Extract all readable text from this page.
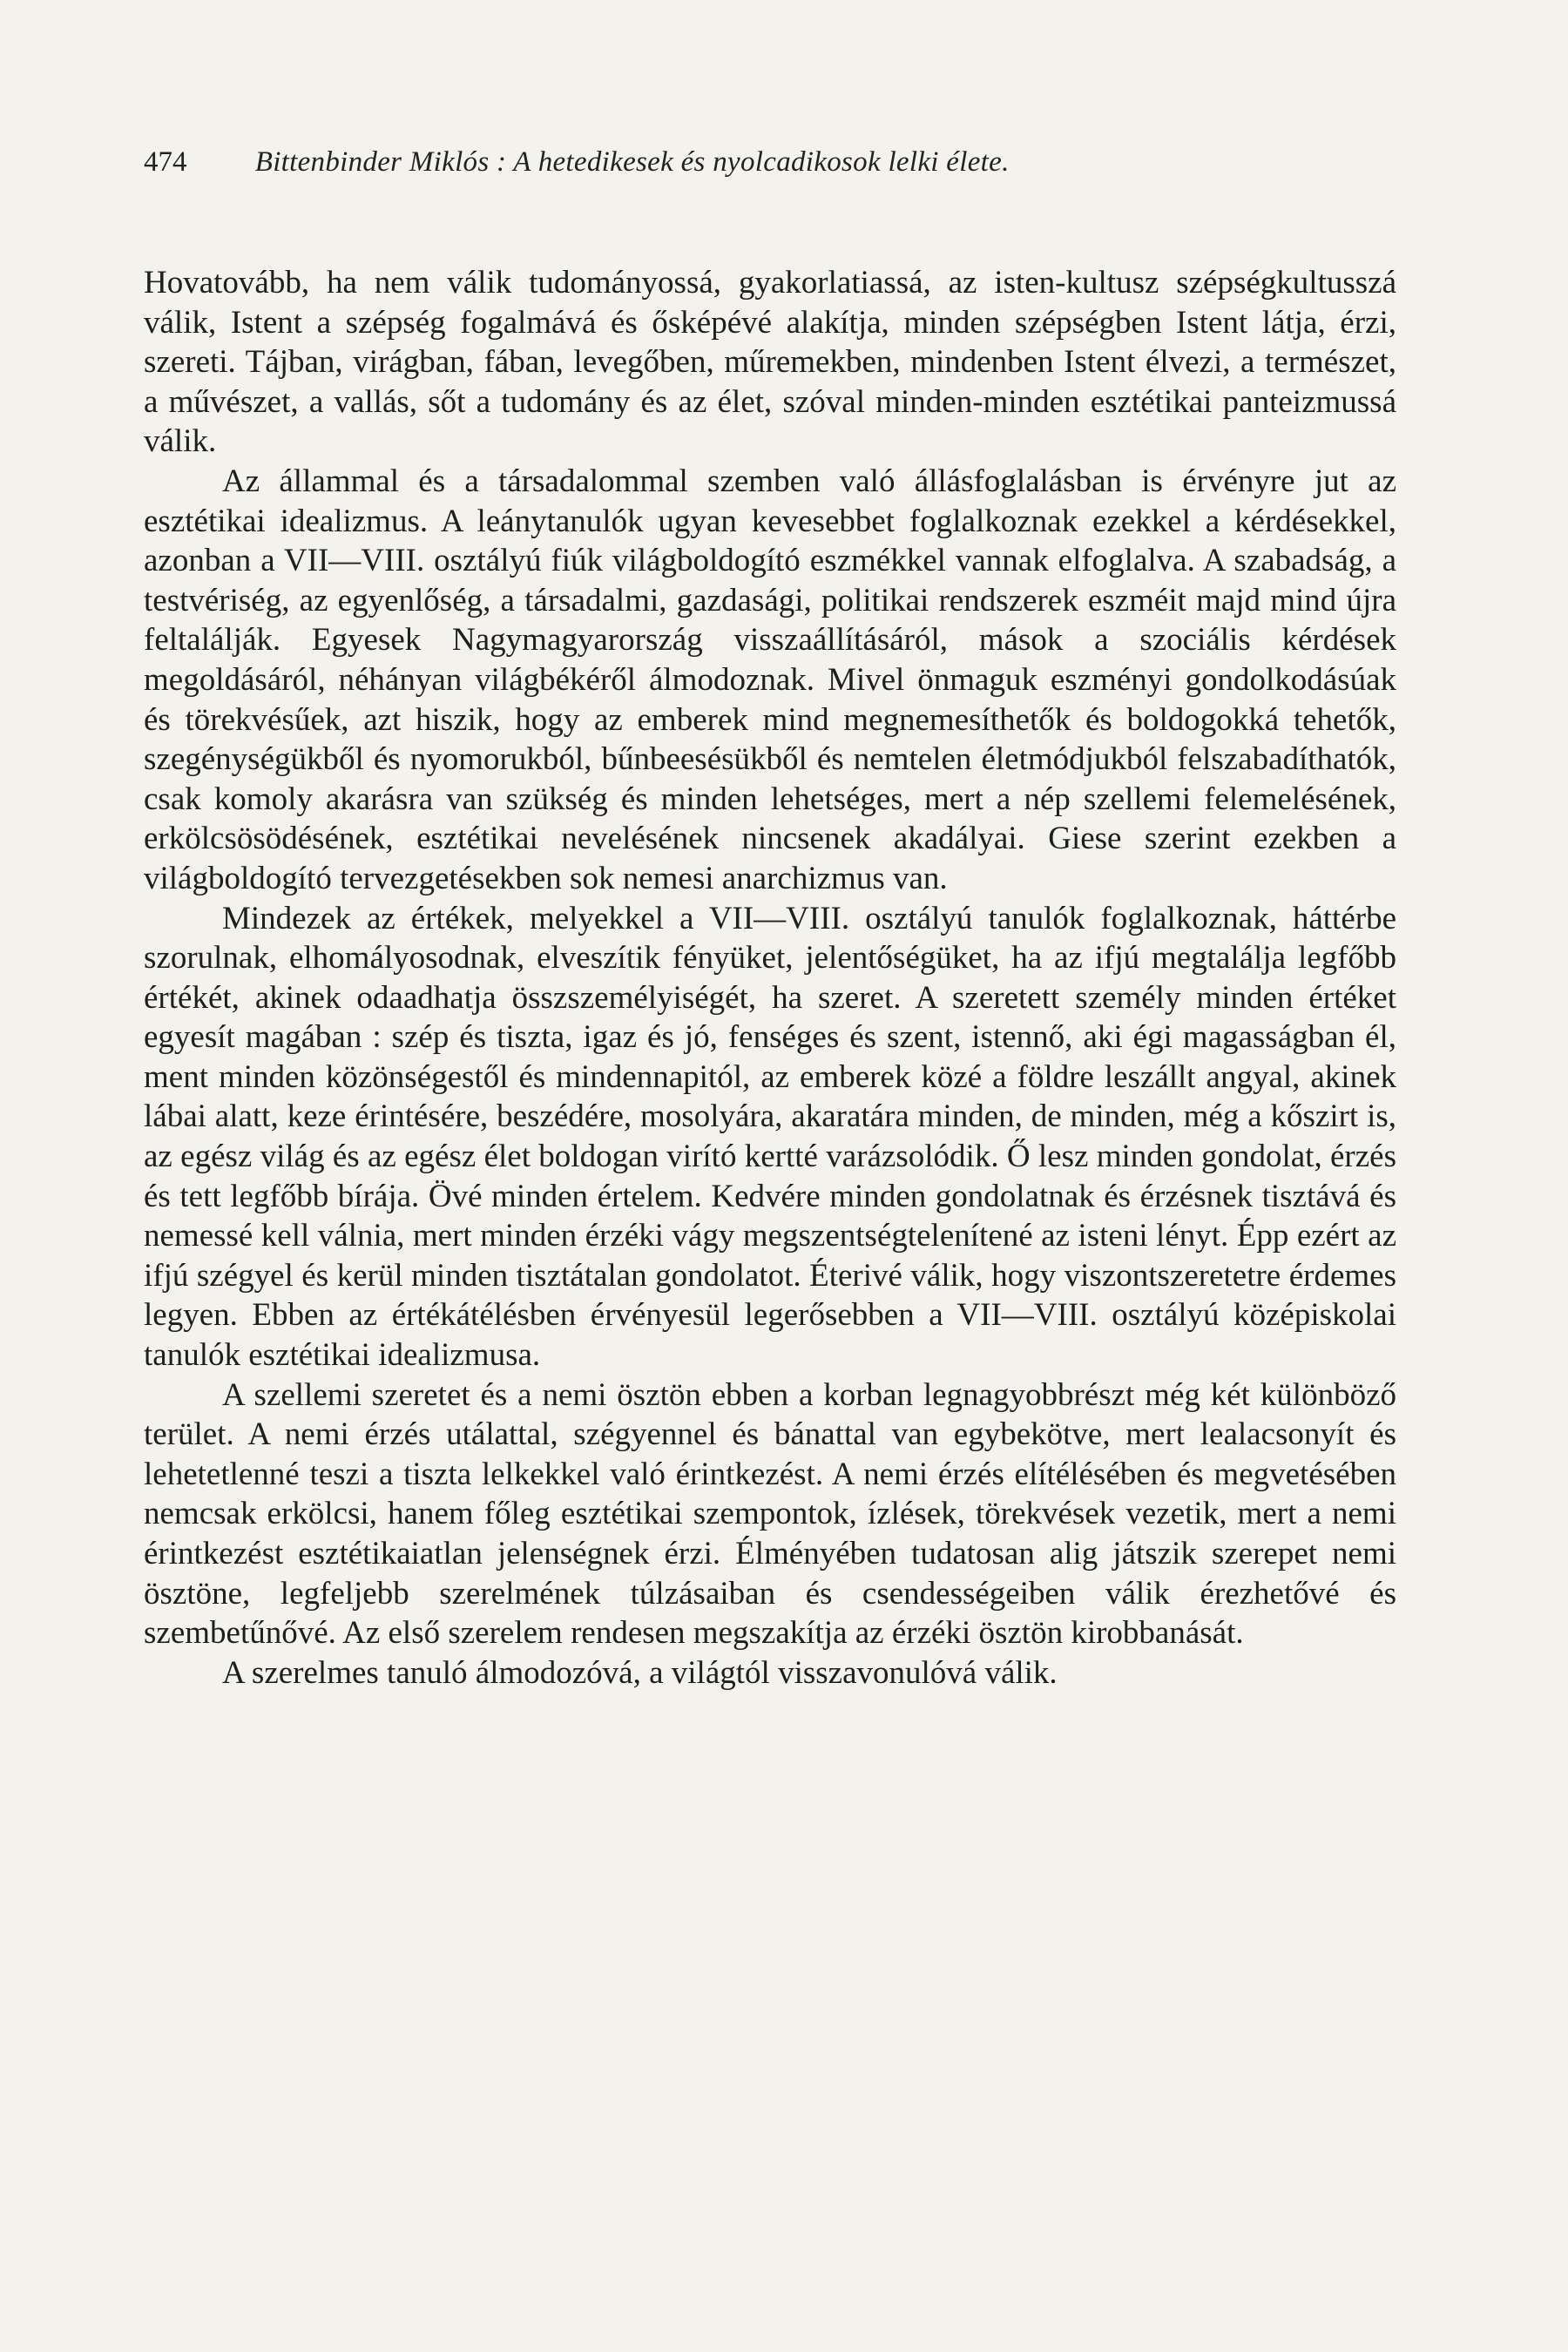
474 Bittenbinder Miklós : A hetedikesek és nyolcadikosok lelki élete.

Hovatovább, ha nem válik tudományossá, gyakorlatiassá, az isten-kultusz szépségkultusszá válik, Istent a szépség fogalmává és ősképévé alakítja, minden szépségben Istent látja, érzi, szereti. Tájban, virágban, fában, levegőben, műremekben, mindenben Istent élvezi, a természet, a művészet, a vallás, sőt a tudomány és az élet, szóval minden-minden esztétikai panteizmussá válik.

Az állammal és a társadalommal szemben való állásfoglalásban is érvényre jut az esztétikai idealizmus. A leánytanulók ugyan kevesebbet foglalkoznak ezekkel a kérdésekkel, azonban a VII—VIII. osztályú fiúk világboldogító eszmékkel vannak elfoglalva. A szabadság, a testvériség, az egyenlőség, a társadalmi, gazdasági, politikai rendszerek eszméit majd mind újra feltalálják. Egyesek Nagymagyarország visszaállításáról, mások a szociális kérdések megoldásáról, néhányan világbékéről álmodoznak. Mivel önmaguk eszményi gondolkodásúak és törekvésűek, azt hiszik, hogy az emberek mind megnemesíthetők és boldogokká tehetők, szegénységükből és nyomorukból, bűnbeesésükből és nemtelen életmódjukból felszabadíthatók, csak komoly akarásra van szükség és minden lehetséges, mert a nép szellemi felemelésének, erkölcsösödésének, esztétikai nevelésének nincsenek akadályai. Giese szerint ezekben a világboldogító tervezgetésekben sok nemesi anarchizmus van.

Mindezek az értékek, melyekkel a VII—VIII. osztályú tanulók foglalkoznak, háttérbe szorulnak, elhomályosodnak, elveszítik fényüket, jelentőségüket, ha az ifjú megtalálja legfőbb értékét, akinek odaadhatja összszemélyiségét, ha szeret. A szeretett személy minden értéket egyesít magában : szép és tiszta, igaz és jó, fenséges és szent, istennő, aki égi magasságban él, ment minden közönségestől és mindennapitól, az emberek közé a földre leszállt angyal, akinek lábai alatt, keze érintésére, beszédére, mosolyára, akaratára minden, de minden, még a kőszirt is, az egész világ és az egész élet boldogan virító kertté varázsolódik. Ő lesz minden gondolat, érzés és tett legfőbb bírája. Övé minden értelem. Kedvére minden gondolatnak és érzésnek tisztává és nemessé kell válnia, mert minden érzéki vágy megszentségtelenítené az isteni lényt. Épp ezért az ifjú szégyel és kerül minden tisztátalan gondolatot. Éterivé válik, hogy viszontszeretetre érdemes legyen. Ebben az értékátélésben érvényesül legerősebben a VII—VIII. osztályú középiskolai tanulók esztétikai idealizmusa.

A szellemi szeretet és a nemi ösztön ebben a korban legnagyobbrészt még két különböző terület. A nemi érzés utálattal, szégyennel és bánattal van egybekötve, mert lealacsonyít és lehetetlenné teszi a tiszta lelkekkel való érintkezést. A nemi érzés elítélésében és megvetésében nemcsak erkölcsi, hanem főleg esztétikai szempontok, ízlések, törekvések vezetik, mert a nemi érintkezést esztétikaiatlan jelenségnek érzi. Élményében tudatosan alig játszik szerepet nemi ösztöne, legfeljebb szerelmének túlzásaiban és csendességeiben válik érezhetővé és szembetűnővé. Az első szerelem rendesen megszakítja az érzéki ösztön kirobbanását.

A szerelmes tanuló álmodozóvá, a világtól visszavonulóvá válik.
